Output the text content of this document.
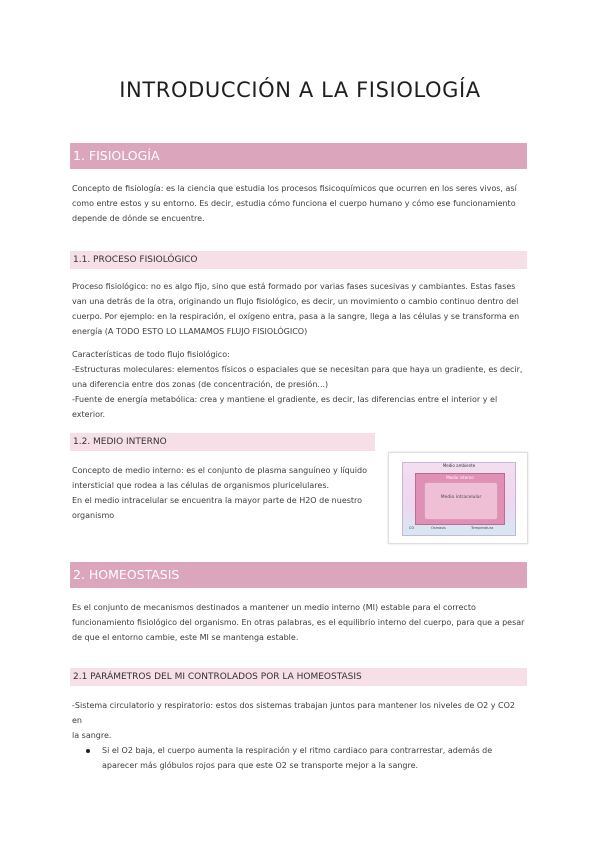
INTRODUCCIÓN A LA FISIOLOGÍA
1. FISIOLOGÍA

Concepto de fisiología: es la ciencia que estudia los procesos fisicoquímicos que ocurren en los seres vivos, así

como entre estos y su entorno. Es decir, estudia cómo funciona el cuerpo humano y cómo ese funcionamiento

depende de dónde se encuentre.

1.1. PROCESO FISIOLÓGICO

Proceso fisiológico: no es algo fijo, sino que está formado por varias fases sucesivas y cambiantes. Estas fases

van una detrás de la otra, originando un flujo fisiológico, es decir, un movimiento o cambio continuo dentro del

cuerpo. Por ejemplo: en la respiración, el oxígeno entra, pasa a la sangre, llega a las células y se transforma en

energía (A TODO ESTO LO LLAMAMOS FLUJO FISIOLÓGICO)

Características de todo flujo fisiológico:

-Estructuras moleculares: elementos físicos o espaciales que se necesitan para que haya un gradiente, es decir,

una diferencia entre dos zonas (de concentración, de presión...)

-Fuente de energía metabólica: crea y mantiene el gradiente, es decir, las diferencias entre el interior y el exterior.

1.2. MEDIO INTERNO

Concepto de medio interno: es el conjunto de plasma sanguíneo y líquido

intersticial que rodea a las células de organismos pluricelulares.

En el medio intracelular se encuentra la mayor parte de H2O de nuestro

organismo

Medio ambiente
Medio interno
Medio intracelular
CO	Osmosis	Temperatura
2. HOMEOSTASIS

Es el conjunto de mecanismos destinados a mantener un medio interno (MI) estable para el correcto

funcionamiento fisiológico del organismo. En otras palabras, es el equilibrio interno del cuerpo, para que a pesar

de que el entorno cambie, este MI se mantenga estable.

2.1 PARÁMETROS DEL MI CONTROLADOS POR LA HOMEOSTASIS

-Sistema circulatorio y respiratorio: estos dos sistemas trabajan juntos para mantener los niveles de O2 y CO2 en

la sangre.

Si el O2 baja, el cuerpo aumenta la respiración y el ritmo cardiaco para contrarrestar, además de
aparecer más glóbulos rojos para que este O2 se transporte mejor a la sangre.
